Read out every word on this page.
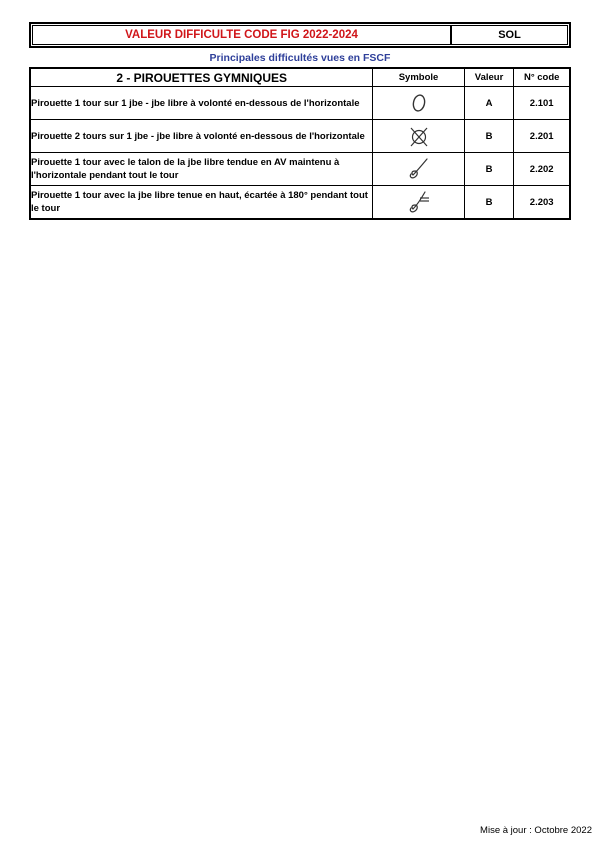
VALEUR DIFFICULTE CODE FIG 2022-2024	SOL
Principales difficultés vues en FSCF
2 - PIROUETTES GYMNIQUES	Symbole	Valeur	N° code
Pirouette 1 tour sur 1 jbe - jbe libre à volonté en-dessous de l'horizontale		A	2.101
Pirouette 2 tours sur 1 jbe - jbe libre à volonté en-dessous de l'horizontale		B	2.201
Pirouette 1 tour avec le talon de la jbe libre tendue en AV maintenu à l'horizontale pendant tout le tour		B	2.202
Pirouette 1 tour avec la jbe libre tenue en haut, écartée à 180° pendant tout le tour		B	2.203
Mise à jour : Octobre 2022
